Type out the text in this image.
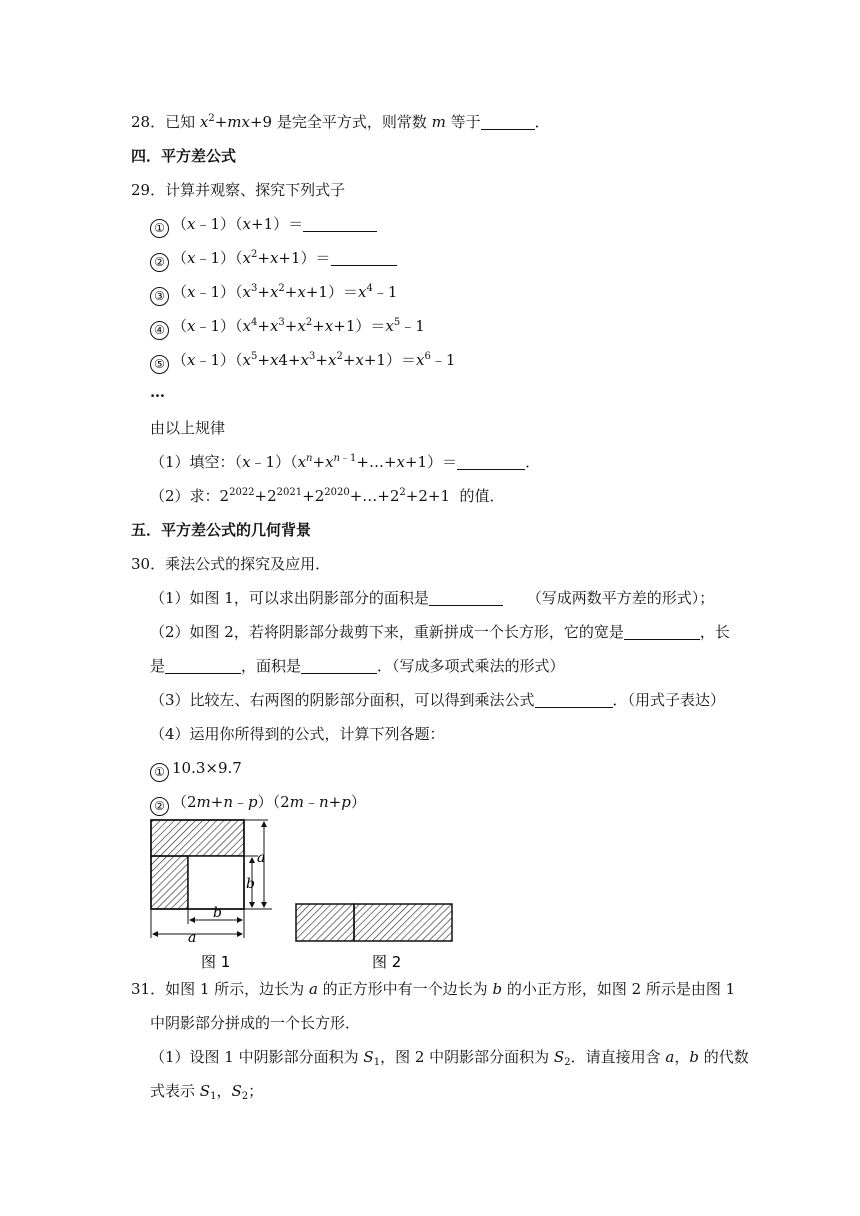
28．已知 $x^2+mx+9$ 是完全平方式，则常数 m 等于	．
四．平方差公式
29．计算并观察、探究下列式子
① （x﹣1）（x+1）＝
② $(x﹣1)(x^2+x+1)=$
③ $(x﹣1)(x^3+x^2+x+1)=x^4﹣1$
④ $(x﹣1)(x^4+x^3+x^2+x+1)=x^5﹣1$
⑤ $(x﹣1)(x^5+x4+x^3+x^2+x+1)=x^6﹣1$
…
由以上规律
（1）填空：$(x﹣1)(x^n+x^{n﹣1}+\dots+x+1)=$	．
（2）求：$2^{2022}+2^{2021}+2^{2020}+\dots+2^2+2+1$  的值．
五．平方差公式的几何背景
30．乘法公式的探究及应用．
（1）如图 1，可以求出阴影部分的面积是	（写成两数平方差的形式）；
（2）如图 2，若将阴影部分裁剪下来，重新拼成一个长方形，它的宽是	，长
是	，面积是	．（写成多项式乘法的形式）
（3）比较左、右两图的阴影部分面积，可以得到乘法公式	．（用式子表达）
（4）运用你所得到的公式，计算下列各题：
① 10.3×9.7
② （2m+n﹣p）（2m﹣n+p）
a
b
b
a
图 1	图 2
31．如图 1 所示，边长为 a 的正方形中有一个边长为 b 的小正方形，如图 2 所示是由图 1
中阴影部分拼成的一个长方形．
（1）设图 1 中阴影部分面积为 $S_1$，图 2 中阴影部分面积为 $S_2$．请直接用含 a，b 的代数
式表示 $S_1$，$S_2$；
